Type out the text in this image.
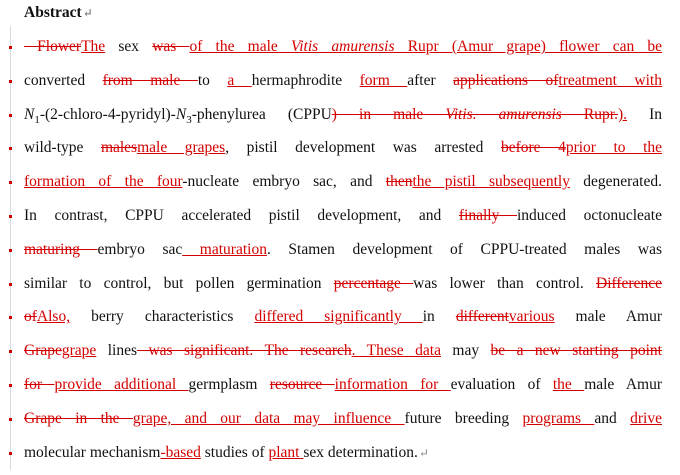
Abstract↵
FlowerThe sex was of the male Vitis amurensis Rupr (Amur grape) flower can be
converted from male to a hermaphrodite form after applications oftreatment with
$N_1-(2-chloro-4-pyridyl)-N_3$-phenylurea (CPPU) in male Vitis. amurensis Rupr.). In
wild-type malesmale grapes, pistil development was arrested before 4prior to the
formation of the four-nucleate embryo sac, and thenthe pistil subsequently degenerated.
In contrast, CPPU accelerated pistil development, and finally induced octonucleate
maturing embryo sac maturation. Stamen development of CPPU-treated males was
similar to control, but pollen germination percentage was lower than control. Difference
ofAlso, berry characteristics differed significantly in differentvarious male Amur
Grapegrape lines was significant. The research. These data may be a new starting point
for provide additional germplasm resource information for evaluation of the male Amur
Grape in the grape, and our data may influence future breeding programs and drive
molecular mechanism-based studies of plant sex determination.↵
